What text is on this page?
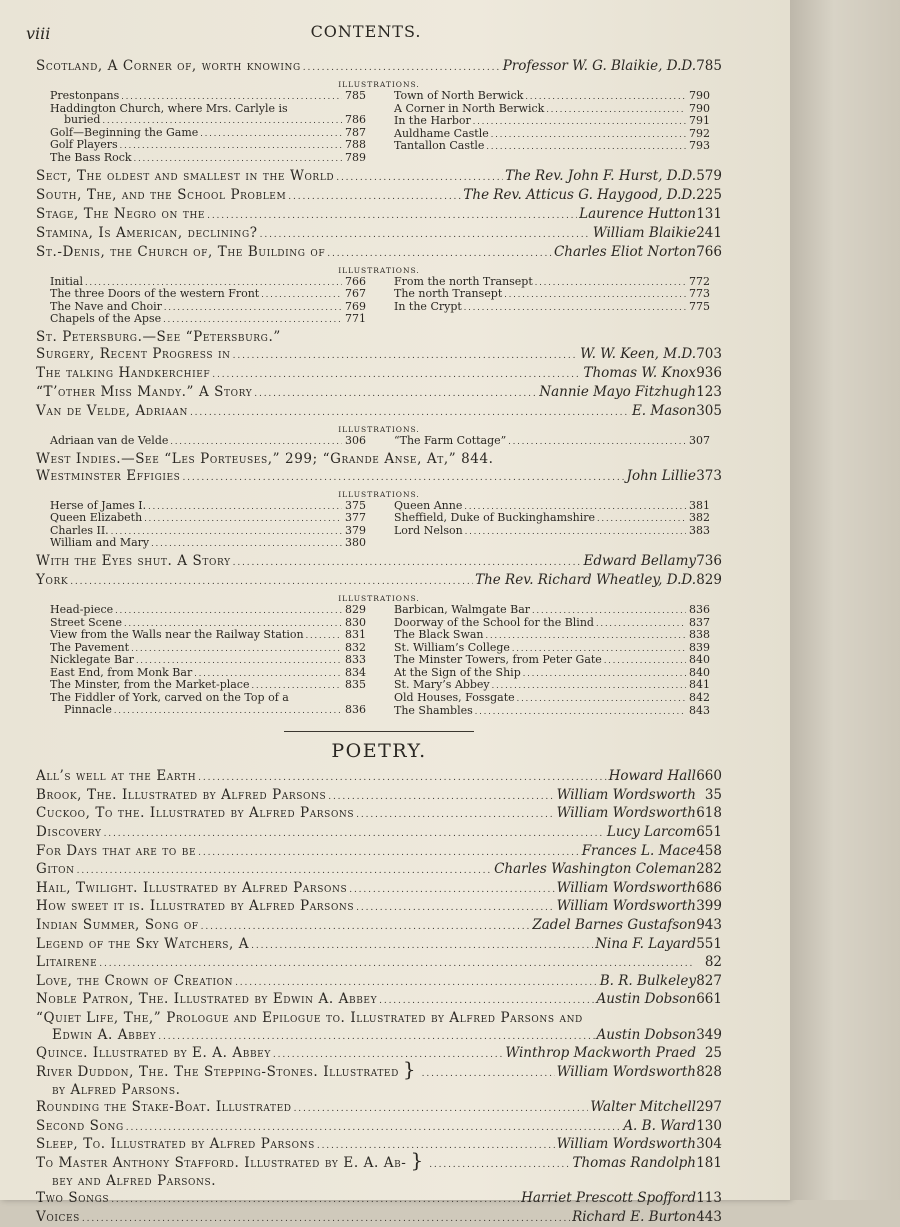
viii	CONTENTS.
Scotland, A Corner of, worth knowing . . .	Professor W. G. Blaikie, D.D. 785
ILLUSTRATIONS.
Prestonpans . . .	785
Haddington Church, where Mrs. Carlyle is
buried . . .	786
Golf—Beginning the Game . . .	787
Golf Players . . .	788
The Bass Rock . . .	789
Town of North Berwick . . .	790
A Corner in North Berwick . . .	790
In the Harbor . . .	791
Auldhame Castle . . .	792
Tantallon Castle . . .	793
Sect, The oldest and smallest in the World . . .	The Rev. John F. Hurst, D.D. 579
South, The, and the School Problem . . .	The Rev. Atticus G. Haygood, D.D. 225
Stage, The Negro on the . . .	Laurence Hutton 131
Stamina, Is American, declining? . . .	William Blaikie 241
St.-Denis, the Church of, The Building of . . .	Charles Eliot Norton 766
ILLUSTRATIONS.
Initial . . .	766
The three Doors of the western Front . . .	767
The Nave and Choir . . .	769
Chapels of the Apse . . .	771
From the north Transept . . .	772
The north Transept . . .	773
In the Crypt . . .	775
St. Petersburg.—See “Petersburg.”
Surgery, Recent Progress in . . .	W. W. Keen, M.D. 703
The talking Handkerchief . . .	Thomas W. Knox 936
“T’other Miss Mandy.” A Story . . .	Nannie Mayo Fitzhugh 123
Van de Velde, Adriaan . . .	E. Mason 305
ILLUSTRATIONS.
Adriaan van de Velde . . .	306	“The Farm Cottage” . . .	307
West Indies.—See “Les Porteuses,” 299; “Grande Anse, At,” 844.
Westminster Effigies . . .	John Lillie 373
ILLUSTRATIONS.
Herse of James I. . . .	375
Queen Elizabeth . . .	377
Charles II. . . .	379
William and Mary . . .	380
Queen Anne . . .	381
Sheffield, Duke of Buckinghamshire . . .	382
Lord Nelson . . .	383
With the Eyes shut. A Story . . .	Edward Bellamy 736
York . . .	The Rev. Richard Wheatley, D.D. 829
ILLUSTRATIONS.
Head-piece . . .	829
Street Scene . . .	830
View from the Walls near the Railway Station . . .	831
The Pavement . . .	832
Nicklegate Bar . . .	833
East End, from Monk Bar . . .	834
The Minster, from the Market-place . . .	835
The Fiddler of York, carved on the Top of a
Pinnacle . . .	836
Barbican, Walmgate Bar . . .	836
Doorway of the School for the Blind . . .	837
The Black Swan . . .	838
St. William’s College . . .	839
The Minster Towers, from Peter Gate . . .	840
At the Sign of the Ship . . .	840
St. Mary’s Abbey . . .	841
Old Houses, Fossgate . . .	842
The Shambles . . .	843
POETRY.
All’s well at the Earth . . .	Howard Hall 660
Brook, The. Illustrated by Alfred Parsons . . .	William Wordsworth 35
Cuckoo, To the. Illustrated by Alfred Parsons . . .	William Wordsworth 618
Discovery . . .	Lucy Larcom 651
For Days that are to be . . .	Frances L. Mace 458
Giton . . .	Charles Washington Coleman 282
Hail, Twilight. Illustrated by Alfred Parsons . . .	William Wordsworth 686
How sweet it is. Illustrated by Alfred Parsons . . .	William Wordsworth 399
Indian Summer, Song of . . .	Zadel Barnes Gustafson 943
Legend of the Sky Watchers, A . . .	Nina F. Layard 551
Litairene . . .	82
Love, the Crown of Creation . . .	B. R. Bulkeley 827
Noble Patron, The. Illustrated by Edwin A. Abbey . . .	Austin Dobson 661
“Quiet Life, The,” Prologue and Epilogue to. Illustrated by Alfred Parsons and
Edwin A. Abbey . . .	Austin Dobson 349
Quince. Illustrated by E. A. Abbey . . .	Winthrop Mackworth Praed 25
River Duddon, The. The Stepping-Stones. Illustrated } . . .	William Wordsworth 828
by Alfred Parsons.
Rounding the Stake-Boat. Illustrated . . .	Walter Mitchell 297
Second Song . . .	A. B. Ward 130
Sleep, To. Illustrated by Alfred Parsons . . .	William Wordsworth 304
To Master Anthony Stafford. Illustrated by E. A. Ab- } . . .	Thomas Randolph 181
bey and Alfred Parsons.
Two Songs . . .	Harriet Prescott Spofford 113
Voices . . .	Richard E. Burton 443
